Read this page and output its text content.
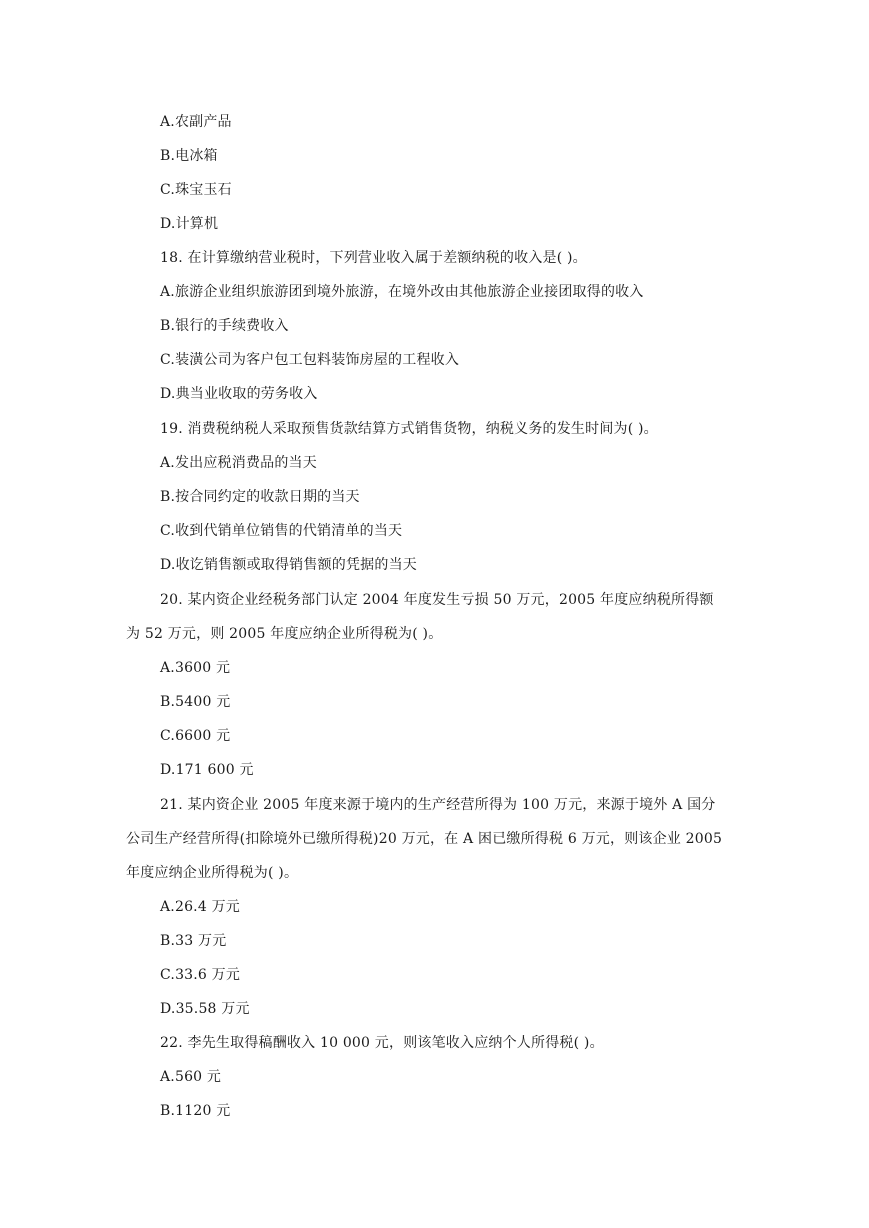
A.农副产品
B.电冰箱
C.珠宝玉石
D.计算机
18. 在计算缴纳营业税时，下列营业收入属于差额纳税的收入是( )。
A.旅游企业组织旅游团到境外旅游，在境外改由其他旅游企业接团取得的收入
B.银行的手续费收入
C.装潢公司为客户包工包料装饰房屋的工程收入
D.典当业收取的劳务收入
19. 消费税纳税人采取预售货款结算方式销售货物，纳税义务的发生时间为( )。
A.发出应税消费品的当天
B.按合同约定的收款日期的当天
C.收到代销单位销售的代销清单的当天
D.收讫销售额或取得销售额的凭据的当天
20. 某内资企业经税务部门认定 2004 年度发生亏损 50 万元，2005 年度应纳税所得额
为 52 万元，则 2005 年度应纳企业所得税为( )。
A.3600 元
B.5400 元
C.6600 元
D.171 600 元
21. 某内资企业 2005 年度来源于境内的生产经营所得为 100 万元，来源于境外 A 国分
公司生产经营所得(扣除境外已缴所得税)20 万元，在 A 困已缴所得税 6 万元，则该企业 2005
年度应纳企业所得税为( )。
A.26.4 万元
B.33 万元
C.33.6 万元
D.35.58 万元
22. 李先生取得稿酬收入 10 000 元，则该笔收入应纳个人所得税( )。
A.560 元
B.1120 元
